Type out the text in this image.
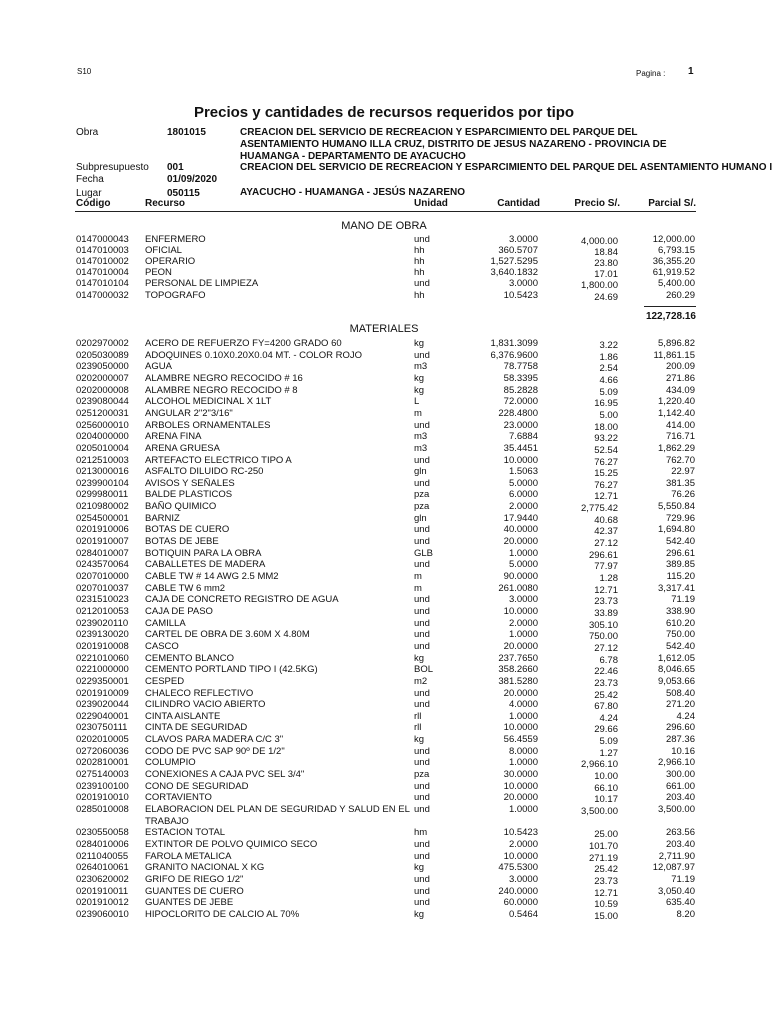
S10	Pagina : 1
Precios y cantidades de recursos requeridos por tipo
Obra	1801015	CREACION DEL SERVICIO DE RECREACION Y ESPARCIMIENTO DEL PARQUE DEL ASENTAMIENTO HUMANO ILLA CRUZ, DISTRITO DE JESUS NAZARENO - PROVINCIA DE HUAMANGA - DEPARTAMENTO DE AYACUCHO
Subpresupuesto 001	CREACION DEL SERVICIO DE RECREACION Y ESPARCIMIENTO DEL PARQUE DEL ASENTAMIENTO HUMANO I
Fecha	01/09/2020
Lugar	050115	AYACUCHO - HUAMANGA - JESÚS NAZARENO
Código	Recurso	Unidad	Cantidad	Precio S/.	Parcial S/.
MANO DE OBRA
0147000043 ENFERMERO	und	3.0000	4,000.00	12,000.00
0147010003 OFICIAL	hh	360.5707	18.84	6,793.15
0147010002 OPERARIO	hh	1,527.5295	23.80	36,355.20
0147010004 PEON	hh	3,640.1832	17.01	61,919.52
0147010104 PERSONAL DE LIMPIEZA	und	3.0000	1,800.00	5,400.00
0147000032 TOPOGRAFO	hh	10.5423	24.69	260.29
122,728.16
MATERIALES
0202970002 ACERO DE REFUERZO FY=4200 GRADO 60	kg	1,831.3099	3.22	5,896.82
0205030089 ADOQUINES 0.10X0.20X0.04 MT. - COLOR ROJO	und	6,376.9600	1.86	11,861.15
0239050000 AGUA	m3	78.7758	2.54	200.09
0202000007 ALAMBRE NEGRO RECOCIDO # 16	kg	58.3395	4.66	271.86
0202000008 ALAMBRE NEGRO RECOCIDO # 8	kg	85.2828	5.09	434.09
0239080044 ALCOHOL MEDICINAL X 1LT	L	72.0000	16.95	1,220.40
0251200031 ANGULAR 2"2"3/16"	m	228.4800	5.00	1,142.40
0256000010 ARBOLES ORNAMENTALES	und	23.0000	18.00	414.00
0204000000 ARENA FINA	m3	7.6884	93.22	716.71
0205010004 ARENA GRUESA	m3	35.4451	52.54	1,862.29
0212510003 ARTEFACTO ELECTRICO TIPO A	und	10.0000	76.27	762.70
0213000016 ASFALTO DILUIDO RC-250	gln	1.5063	15.25	22.97
0239900104 AVISOS Y SEÑALES	und	5.0000	76.27	381.35
0299980011 BALDE PLASTICOS	pza	6.0000	12.71	76.26
0210980002 BAÑO QUIMICO	pza	2.0000	2,775.42	5,550.84
0254500001 BARNIZ	gln	17.9440	40.68	729.96
0201910006 BOTAS DE CUERO	und	40.0000	42.37	1,694.80
0201910007 BOTAS DE JEBE	und	20.0000	27.12	542.40
0284010007 BOTIQUIN PARA LA OBRA	GLB	1.0000	296.61	296.61
0243570064 CABALLETES DE MADERA	und	5.0000	77.97	389.85
0207010000 CABLE TW # 14 AWG 2.5 MM2	m	90.0000	1.28	115.20
0207010037 CABLE TW 6 mm2	m	261.0080	12.71	3,317.41
0231510023 CAJA DE CONCRETO REGISTRO DE AGUA	und	3.0000	23.73	71.19
0212010053 CAJA DE PASO	und	10.0000	33.89	338.90
0239020110 CAMILLA	und	2.0000	305.10	610.20
0239130020 CARTEL DE OBRA DE 3.60M X 4.80M	und	1.0000	750.00	750.00
0201910008 CASCO	und	20.0000	27.12	542.40
0221010060 CEMENTO BLANCO	kg	237.7650	6.78	1,612.05
0221000000 CEMENTO PORTLAND TIPO I (42.5KG)	BOL	358.2660	22.46	8,046.65
0229350001 CESPED	m2	381.5280	23.73	9,053.66
0201910009 CHALECO REFLECTIVO	und	20.0000	25.42	508.40
0239020044 CILINDRO VACIO ABIERTO	und	4.0000	67.80	271.20
0229040001 CINTA AISLANTE	rll	1.0000	4.24	4.24
0230750111 CINTA DE SEGURIDAD	rll	10.0000	29.66	296.60
0202010005 CLAVOS PARA MADERA C/C 3"	kg	56.4559	5.09	287.36
0272060036 CODO DE PVC SAP 90º DE 1/2"	und	8.0000	1.27	10.16
0202810001 COLUMPIO	und	1.0000	2,966.10	2,966.10
0275140003 CONEXIONES A CAJA PVC SEL 3/4"	pza	30.0000	10.00	300.00
0239100100 CONO DE SEGURIDAD	und	10.0000	66.10	661.00
0201910010 CORTAVIENTO	und	20.0000	10.17	203.40
0285010008 ELABORACION DEL PLAN DE SEGURIDAD Y SALUD EN EL und	1.0000	3,500.00	3,500.00
TRABAJO
0230550058 ESTACION TOTAL	hm	10.5423	25.00	263.56
0284010006 EXTINTOR DE POLVO QUIMICO SECO	und	2.0000	101.70	203.40
0211040055 FAROLA METALICA	und	10.0000	271.19	2,711.90
0264010061 GRANITO NACIONAL X KG	kg	475.5300	25.42	12,087.97
0230620002 GRIFO DE RIEGO 1/2"	und	3.0000	23.73	71.19
0201910011 GUANTES DE CUERO	und	240.0000	12.71	3,050.40
0201910012 GUANTES DE JEBE	und	60.0000	10.59	635.40
0239060010 HIPOCLORITO DE CALCIO AL 70%	kg	0.5464	15.00	8.20
